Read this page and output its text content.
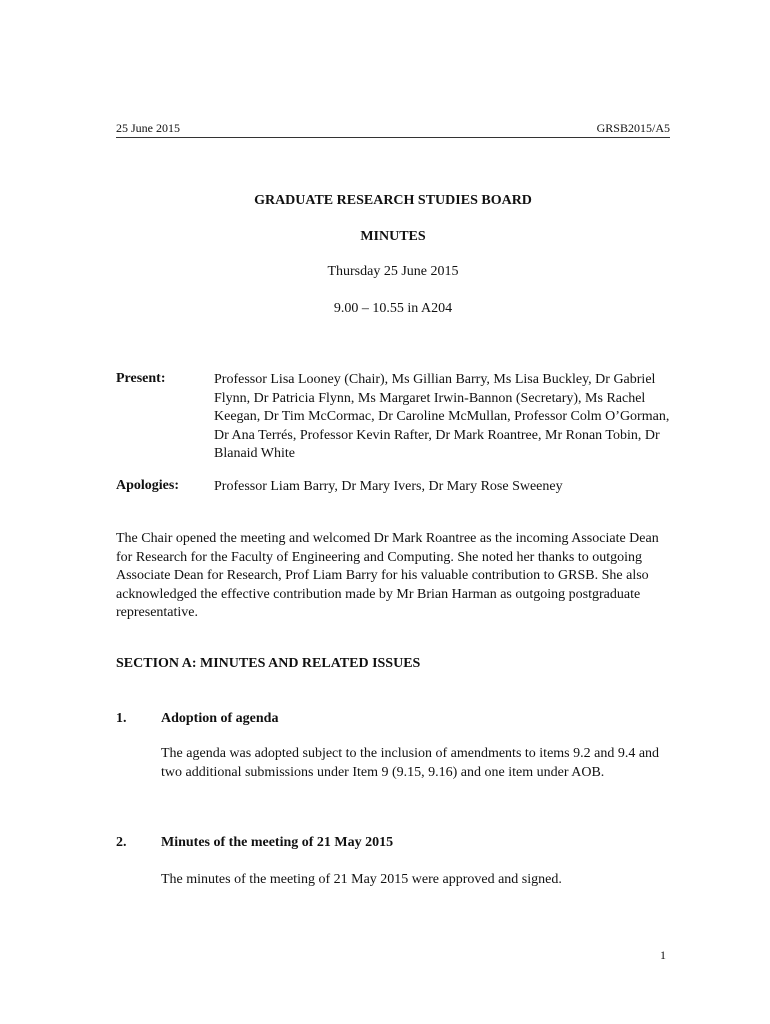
25 June 2015	GRSB2015/A5
GRADUATE RESEARCH STUDIES BOARD
MINUTES
Thursday 25 June 2015
9.00 – 10.55 in A204
Present:	Professor Lisa Looney (Chair), Ms Gillian Barry, Ms Lisa Buckley, Dr Gabriel Flynn, Dr Patricia Flynn, Ms Margaret Irwin-Bannon (Secretary), Ms Rachel Keegan, Dr Tim McCormac, Dr Caroline McMullan, Professor Colm O’Gorman, Dr Ana Terrés, Professor Kevin Rafter, Dr Mark Roantree, Mr Ronan Tobin, Dr Blanaid White
Apologies:	Professor Liam Barry, Dr Mary Ivers, Dr Mary Rose Sweeney
The Chair opened the meeting and welcomed Dr Mark Roantree as the incoming Associate Dean for Research for the Faculty of Engineering and Computing. She noted her thanks to outgoing Associate Dean for Research, Prof Liam Barry for his valuable contribution to GRSB. She also acknowledged the effective contribution made by Mr Brian Harman as outgoing postgraduate representative.
SECTION A: MINUTES AND RELATED ISSUES
1. Adoption of agenda
The agenda was adopted subject to the inclusion of amendments to items 9.2 and 9.4 and two additional submissions under Item 9 (9.15, 9.16) and one item under AOB.
2. Minutes of the meeting of 21 May 2015
The minutes of the meeting of 21 May 2015 were approved and signed.
1
